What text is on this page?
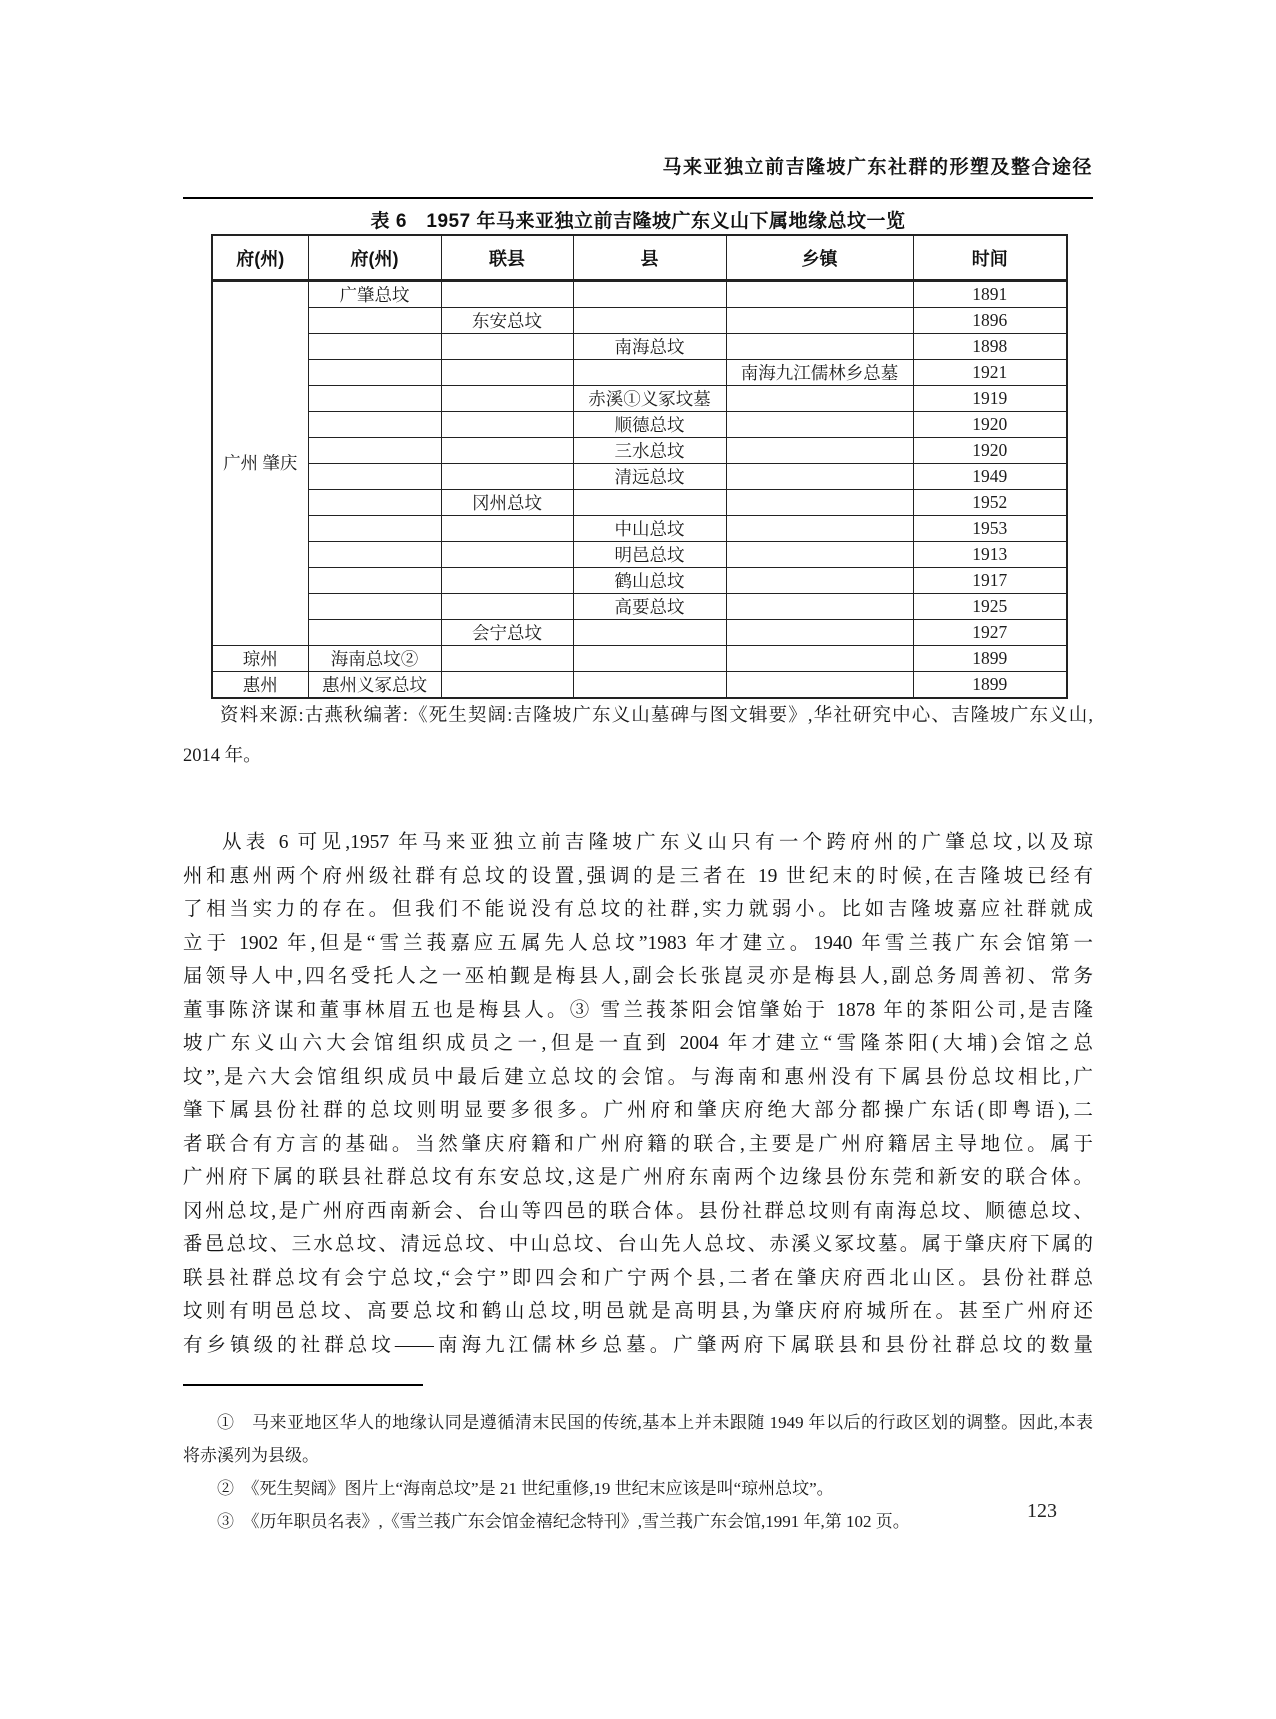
马来亚独立前吉隆坡广东社群的形塑及整合途径
表 6　1957 年马来亚独立前吉隆坡广东义山下属地缘总坟一览
府(州)	府(州)	联县	县	乡镇	时间
广州 肇庆	广肇总坟				1891
		东安总坟			1896
			南海总坟		1898
				南海九江儒林乡总墓	1921
			赤溪①义冢坟墓		1919
			顺德总坟		1920
			三水总坟		1920
			清远总坟		1949
		冈州总坟			1952
			中山总坟		1953
			明邑总坟		1913
			鹤山总坟		1917
			高要总坟		1925
		会宁总坟			1927
琼州	海南总坟②				1899
惠州	惠州义冢总坟				1899
资料来源:古燕秋编著:《死生契阔:吉隆坡广东义山墓碑与图文辑要》,华社研究中心、吉隆坡广东义山,
2014 年。
从表 6 可见,1957 年马来亚独立前吉隆坡广东义山只有一个跨府州的广肇总坟,以及琼
州和惠州两个府州级社群有总坟的设置,强调的是三者在 19 世纪末的时候,在吉隆坡已经有
了相当实力的存在。但我们不能说没有总坟的社群,实力就弱小。比如吉隆坡嘉应社群就成
立于 1902 年,但是“雪兰莪嘉应五属先人总坟”1983 年才建立。1940 年雪兰莪广东会馆第一
届领导人中,四名受托人之一巫柏觐是梅县人,副会长张崑灵亦是梅县人,副总务周善初、常务
董事陈济谋和董事林眉五也是梅县人。③ 雪兰莪茶阳会馆肇始于 1878 年的茶阳公司,是吉隆
坡广东义山六大会馆组织成员之一,但是一直到 2004 年才建立“雪隆茶阳(大埔)会馆之总
坟”,是六大会馆组织成员中最后建立总坟的会馆。与海南和惠州没有下属县份总坟相比,广
肇下属县份社群的总坟则明显要多很多。广州府和肇庆府绝大部分都操广东话(即粤语),二
者联合有方言的基础。当然肇庆府籍和广州府籍的联合,主要是广州府籍居主导地位。属于
广州府下属的联县社群总坟有东安总坟,这是广州府东南两个边缘县份东莞和新安的联合体。
冈州总坟,是广州府西南新会、台山等四邑的联合体。县份社群总坟则有南海总坟、顺德总坟、
番邑总坟、三水总坟、清远总坟、中山总坟、台山先人总坟、赤溪义冢坟墓。属于肇庆府下属的
联县社群总坟有会宁总坟,“会宁”即四会和广宁两个县,二者在肇庆府西北山区。县份社群总
坟则有明邑总坟、高要总坟和鹤山总坟,明邑就是高明县,为肇庆府府城所在。甚至广州府还
有乡镇级的社群总坟——南海九江儒林乡总墓。广肇两府下属联县和县份社群总坟的数量
①　马来亚地区华人的地缘认同是遵循清末民国的传统,基本上并未跟随 1949 年以后的行政区划的调整。因此,本表
将赤溪列为县级。
②　《死生契阔》图片上“海南总坟”是 21 世纪重修,19 世纪末应该是叫“琼州总坟”。
③　《历年职员名表》,《雪兰莪广东会馆金禧纪念特刊》,雪兰莪广东会馆,1991 年,第 102 页。	123
